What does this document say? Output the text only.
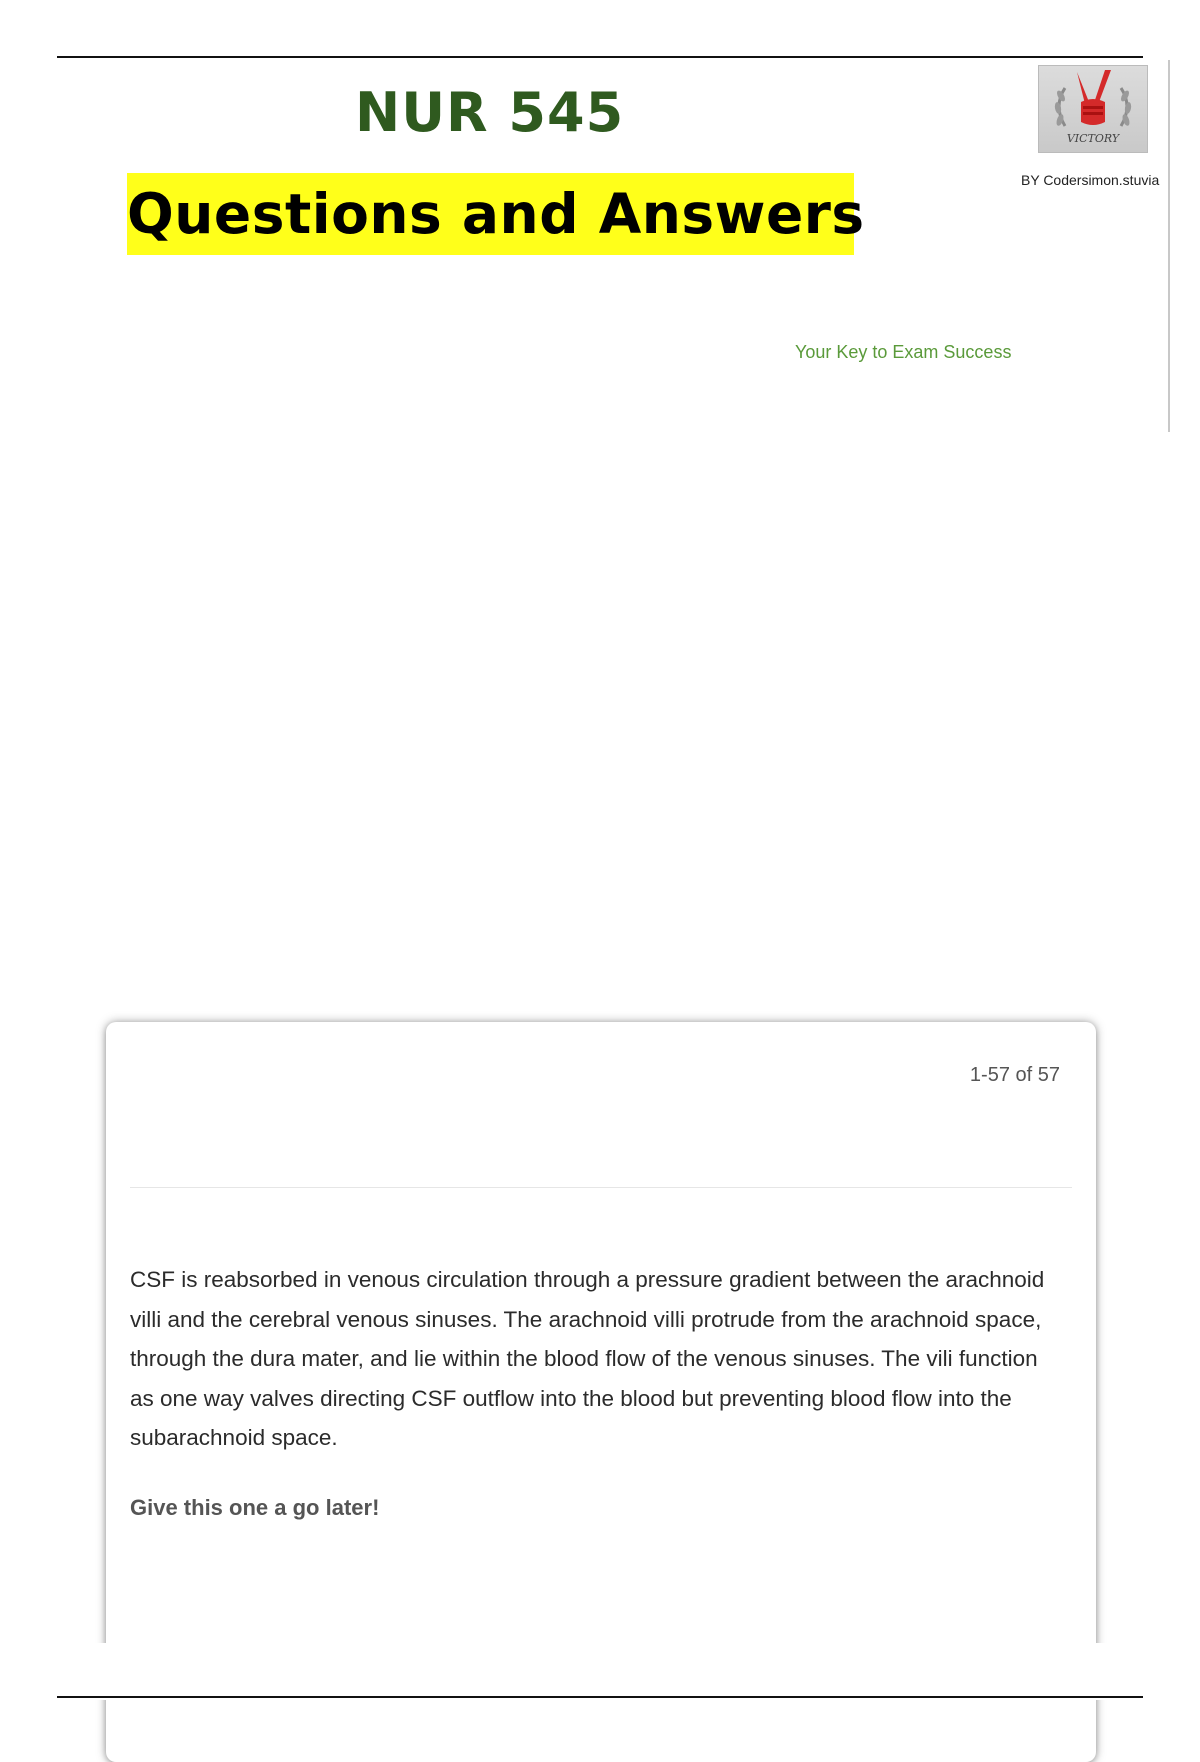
NUR 545
Questions and Answers
VICTORY
BY Codersimon.stuvia
Your Key to Exam Success
1-57 of 57
CSF is reabsorbed in venous circulation through a pressure gradient between the arachnoid villi and the cerebral venous sinuses. The arachnoid villi protrude from the arachnoid space, through the dura mater, and lie within the blood flow of the venous sinuses. The vili function as one way valves directing CSF outflow into the blood but preventing blood flow into the subarachnoid space.
Give this one a go later!
